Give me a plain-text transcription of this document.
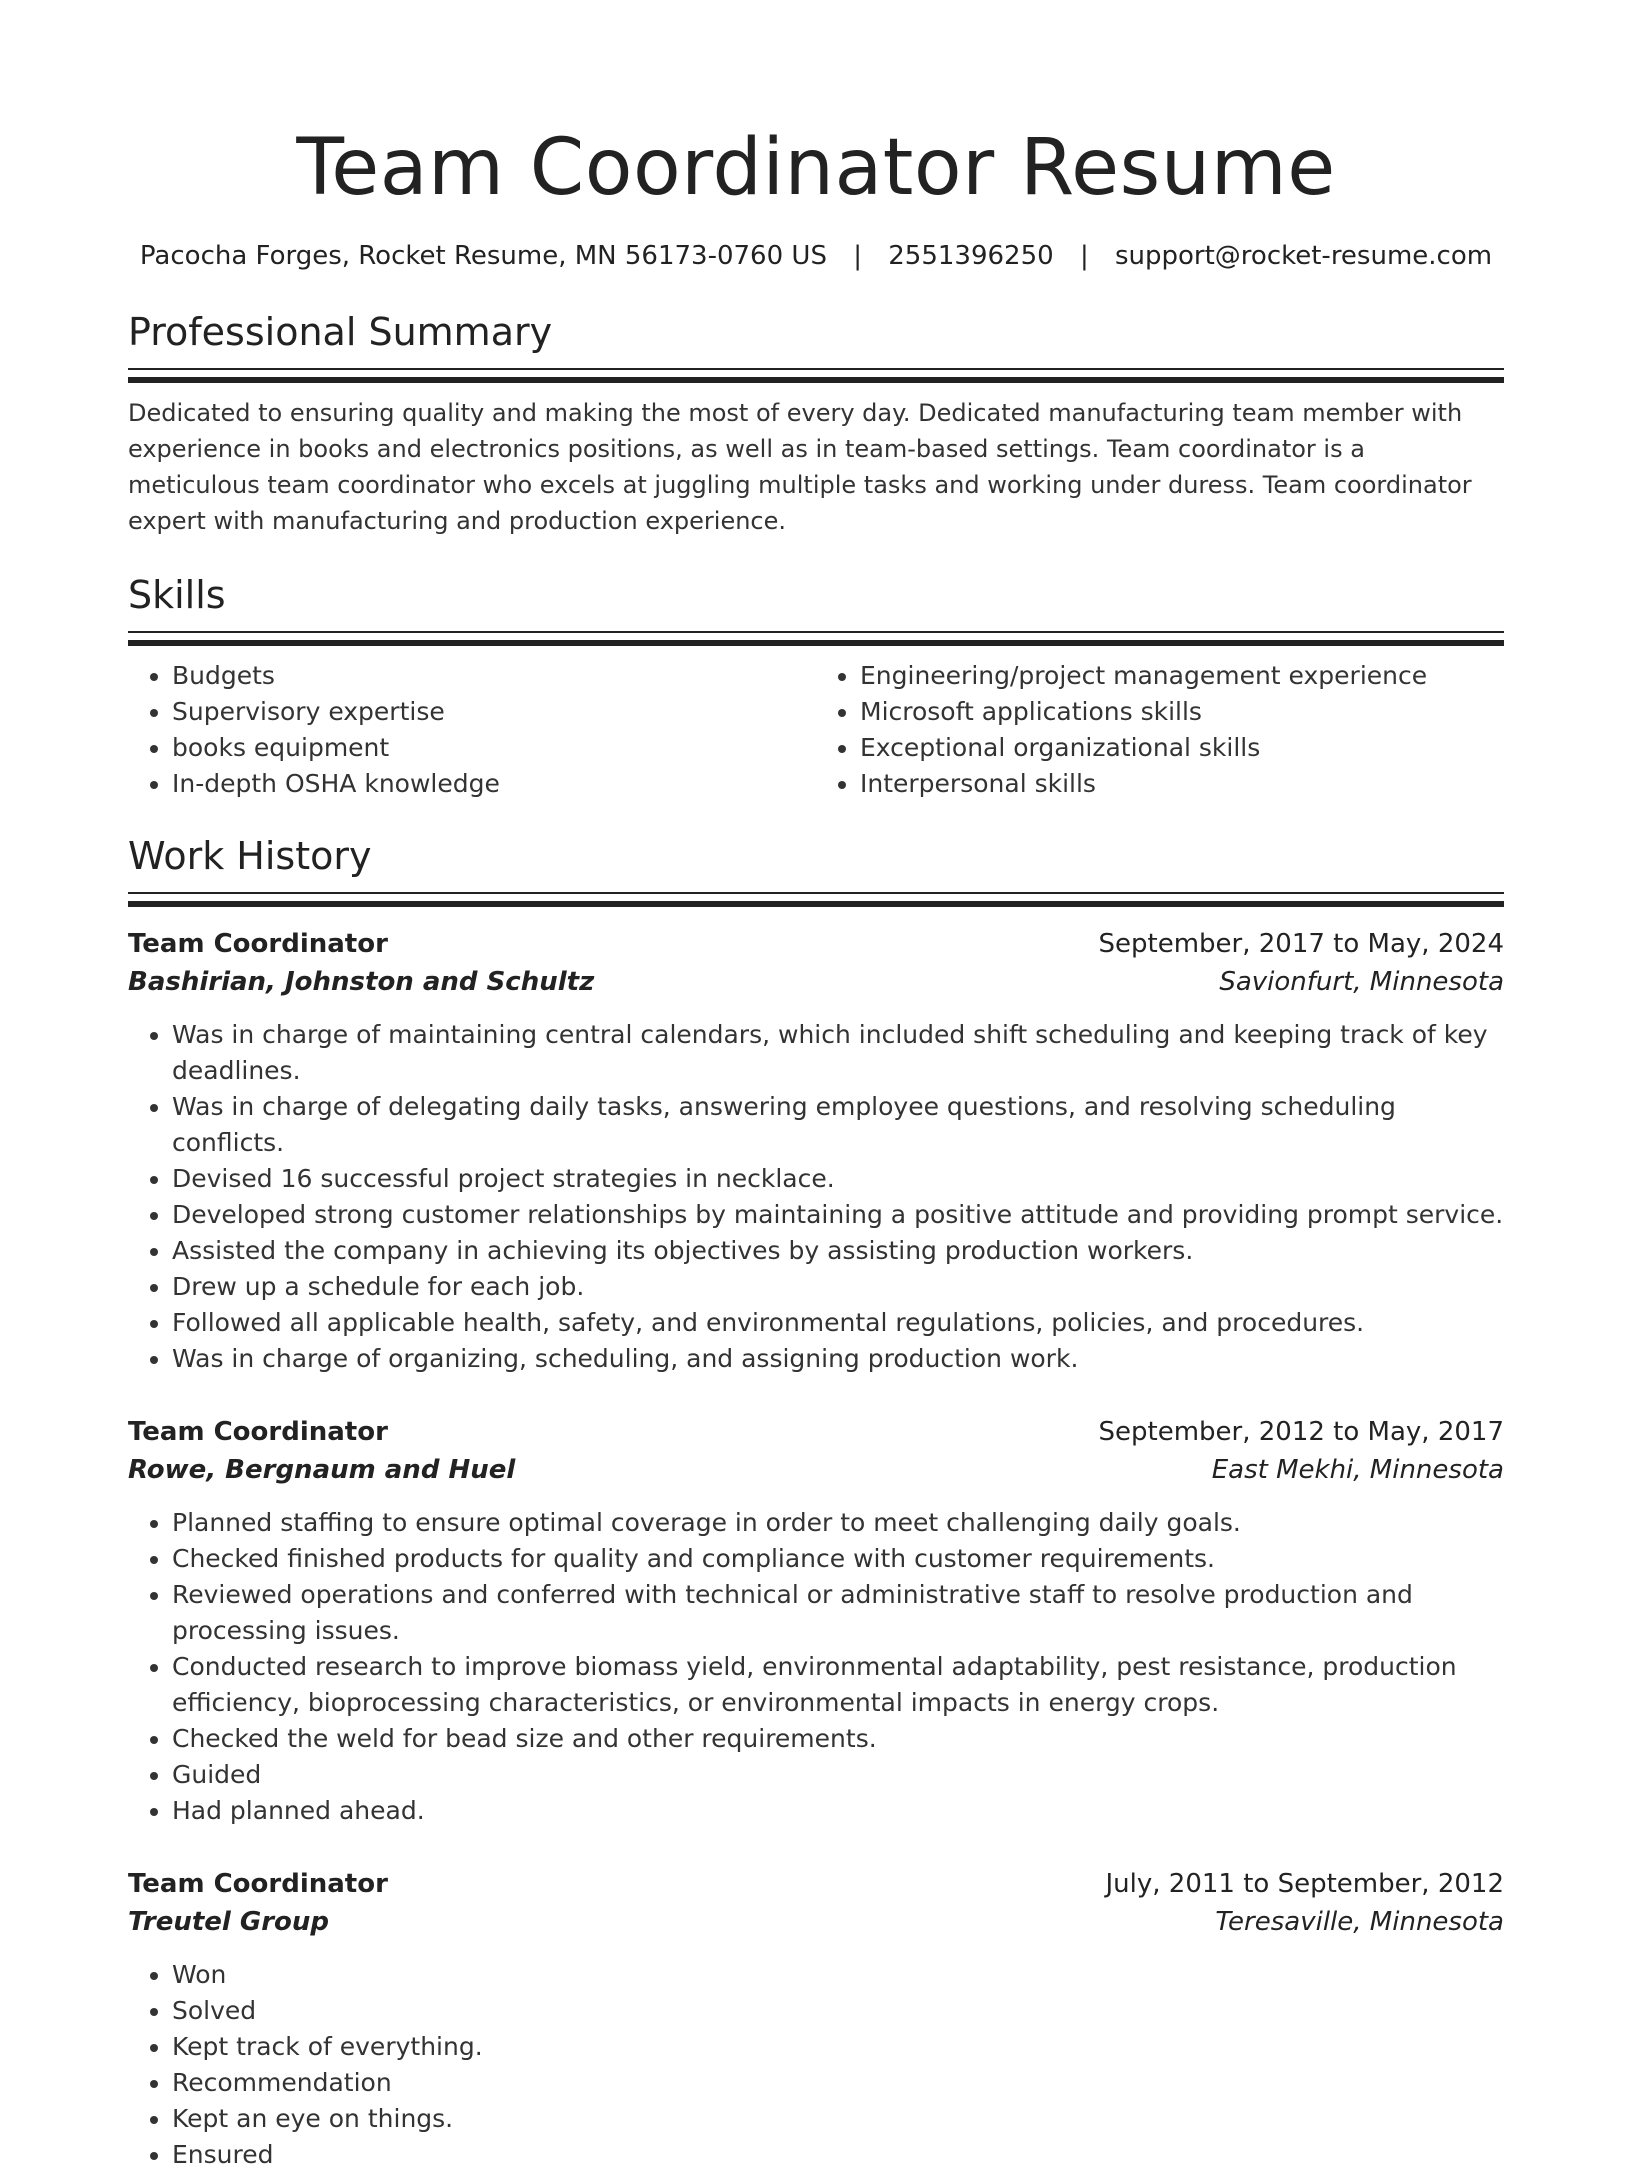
Team Coordinator Resume
Pacocha Forges, Rocket Resume, MN 56173-0760 US | 2551396250 | support@rocket-resume.com
Professional Summary

Dedicated to ensuring quality and making the most of every day. Dedicated manufacturing team member with experience in books and electronics positions, as well as in team-based settings. Team coordinator is a meticulous team coordinator who excels at juggling multiple tasks and working under duress. Team coordinator expert with manufacturing and production experience.

Skills
• Budgets
• Supervisory expertise
• books equipment
• In-depth OSHA knowledge
• Engineering/project management experience
• Microsoft applications skills
• Exceptional organizational skills
• Interpersonal skills
Work History
Team Coordinator	September, 2017 to May, 2024
Bashirian, Johnston and Schultz	Savionfurt, Minnesota
• Was in charge of maintaining central calendars, which included shift scheduling and keeping track of key deadlines.
• Was in charge of delegating daily tasks, answering employee questions, and resolving scheduling conflicts.
• Devised 16 successful project strategies in necklace.
• Developed strong customer relationships by maintaining a positive attitude and providing prompt service.
• Assisted the company in achieving its objectives by assisting production workers.
• Drew up a schedule for each job.
• Followed all applicable health, safety, and environmental regulations, policies, and procedures.
• Was in charge of organizing, scheduling, and assigning production work.
Team Coordinator	September, 2012 to May, 2017
Rowe, Bergnaum and Huel	East Mekhi, Minnesota
• Planned staffing to ensure optimal coverage in order to meet challenging daily goals.
• Checked finished products for quality and compliance with customer requirements.
• Reviewed operations and conferred with technical or administrative staff to resolve production and processing issues.
• Conducted research to improve biomass yield, environmental adaptability, pest resistance, production efficiency, bioprocessing characteristics, or environmental impacts in energy crops.
• Checked the weld for bead size and other requirements.
• Guided
• Had planned ahead.
Team Coordinator	July, 2011 to September, 2012
Treutel Group	Teresaville, Minnesota
• Won
• Solved
• Kept track of everything.
• Recommendation
• Kept an eye on things.
• Ensured
